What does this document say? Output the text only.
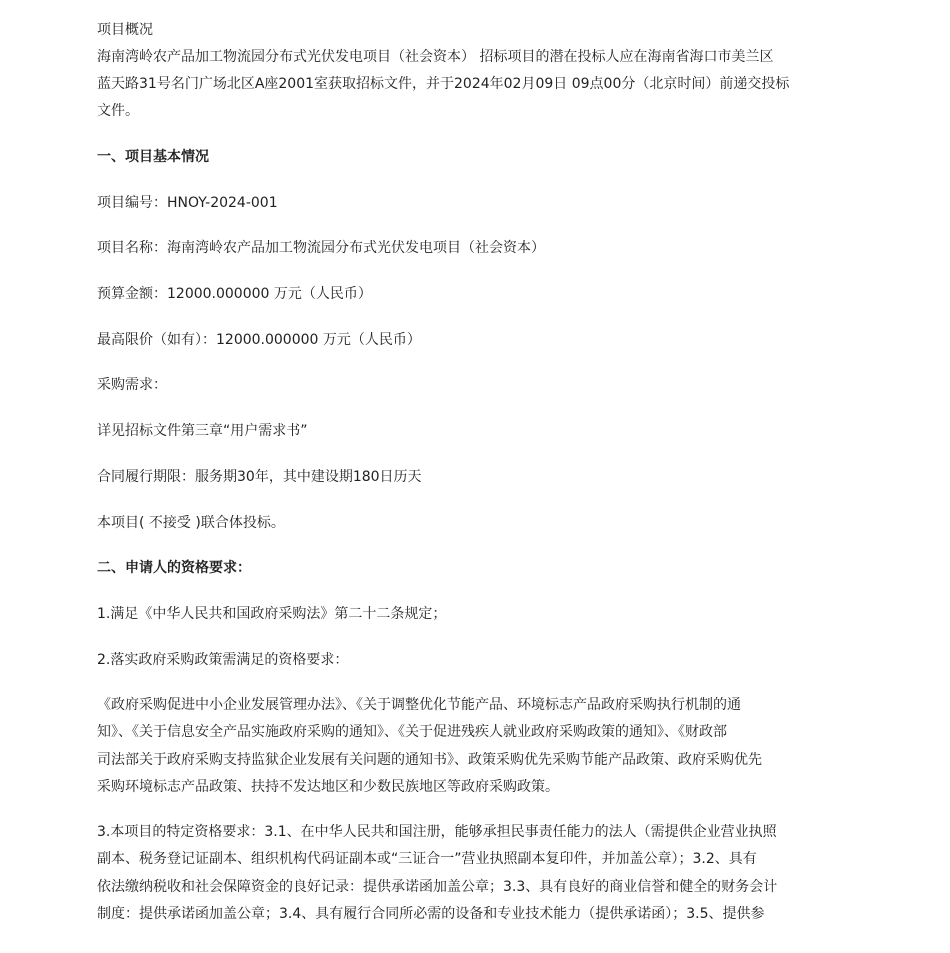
项目概况
海南湾岭农产品加工物流园分布式光伏发电项目（社会资本） 招标项目的潜在投标人应在海南省海口市美兰区
蓝天路31号名门广场北区A座2001室获取招标文件，并于2024年02月09日 09点00分（北京时间）前递交投标
文件。
一、项目基本情况
项目编号：HNOY-2024-001
项目名称：海南湾岭农产品加工物流园分布式光伏发电项目（社会资本）
预算金额：12000.000000 万元（人民币）
最高限价（如有）：12000.000000 万元（人民币）
采购需求：
详见招标文件第三章“用户需求书”
合同履行期限：服务期30年，其中建设期180日历天
本项目( 不接受 )联合体投标。
二、申请人的资格要求：
1.满足《中华人民共和国政府采购法》第二十二条规定；
2.落实政府采购政策需满足的资格要求：
《政府采购促进中小企业发展管理办法》、《关于调整优化节能产品、环境标志产品政府采购执行机制的通
知》、《关于信息安全产品实施政府采购的通知》、《关于促进残疾人就业政府采购政策的通知》、《财政部
司法部关于政府采购支持监狱企业发展有关问题的通知书》、政策采购优先采购节能产品政策、政府采购优先
采购环境标志产品政策、扶持不发达地区和少数民族地区等政府采购政策。
3.本项目的特定资格要求：3.1、在中华人民共和国注册，能够承担民事责任能力的法人（需提供企业营业执照
副本、税务登记证副本、组织机构代码证副本或“三证合一”营业执照副本复印件，并加盖公章）；3.2、具有
依法缴纳税收和社会保障资金的良好记录：提供承诺函加盖公章；3.3、具有良好的商业信誉和健全的财务会计
制度：提供承诺函加盖公章；3.4、具有履行合同所必需的设备和专业技术能力（提供承诺函）；3.5、提供参
